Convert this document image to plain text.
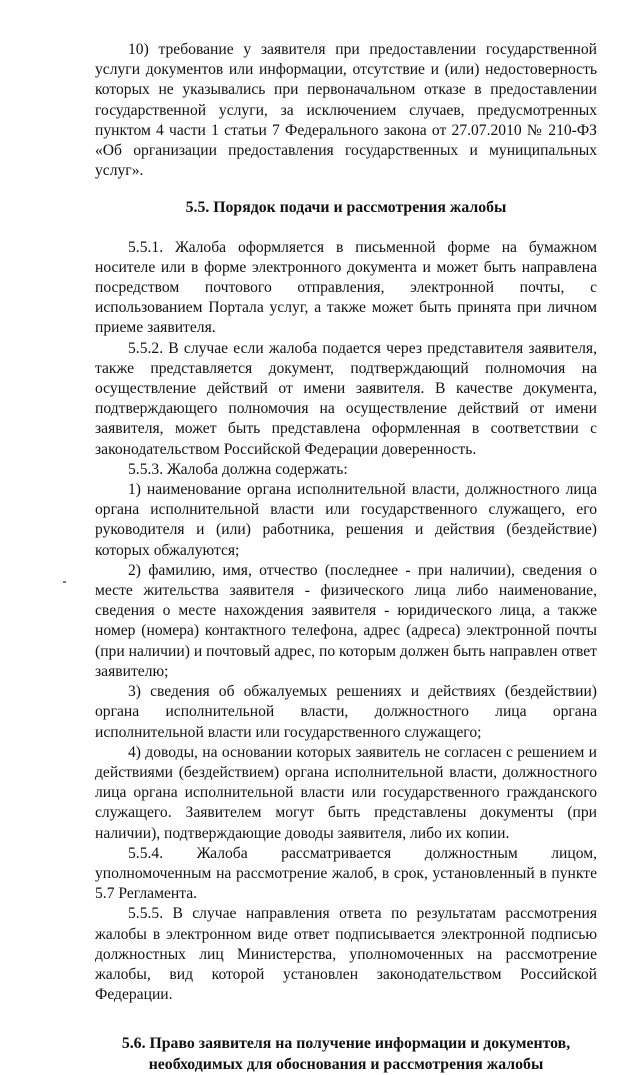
10) требование у заявителя при предоставлении государственной услуги документов или информации, отсутствие и (или) недостоверность которых не указывались при первоначальном отказе в предоставлении государственной услуги, за исключением случаев, предусмотренных пунктом 4 части 1 статьи 7 Федерального закона от 27.07.2010 № 210-ФЗ «Об организации предоставления государственных и муниципальных услуг».

5.5. Порядок подачи и рассмотрения жалобы

5.5.1. Жалоба оформляется в письменной форме на бумажном носителе или в форме электронного документа и может быть направлена посредством почтового отправления, электронной почты, с использованием Портала услуг, а также может быть принята при личном приеме заявителя.

5.5.2. В случае если жалоба подается через представителя заявителя, также представляется документ, подтверждающий полномочия на осуществление действий от имени заявителя. В качестве документа, подтверждающего полномочия на осуществление действий от имени заявителя, может быть представлена оформленная в соответствии с законодательством Российской Федерации доверенность.

5.5.3. Жалоба должна содержать:

1) наименование органа исполнительной власти, должностного лица органа исполнительной власти или государственного служащего, его руководителя и (или) работника, решения и действия (бездействие) которых обжалуются;

2) фамилию, имя, отчество (последнее - при наличии), сведения о месте жительства заявителя - физического лица либо наименование, сведения о месте нахождения заявителя - юридического лица, а также номер (номера) контактного телефона, адрес (адреса) электронной почты (при наличии) и почтовый адрес, по которым должен быть направлен ответ заявителю;

3) сведения об обжалуемых решениях и действиях (бездействии) органа исполнительной власти, должностного лица органа исполнительной власти или государственного служащего;

4) доводы, на основании которых заявитель не согласен с решением и действиями (бездействием) органа исполнительной власти, должностного лица органа исполнительной власти или государственного гражданского служащего. Заявителем могут быть представлены документы (при наличии), подтверждающие доводы заявителя, либо их копии.

5.5.4. Жалоба рассматривается должностным лицом, уполномоченным на рассмотрение жалоб, в срок, установленный в пункте 5.7 Регламента.

5.5.5. В случае направления ответа по результатам рассмотрения жалобы в электронном виде ответ подписывается электронной подписью должностных лиц Министерства, уполномоченных на рассмотрение жалобы, вид которой установлен законодательством Российской Федерации.

5.6. Право заявителя на получение информации и документов,
необходимых для обоснования и рассмотрения жалобы
